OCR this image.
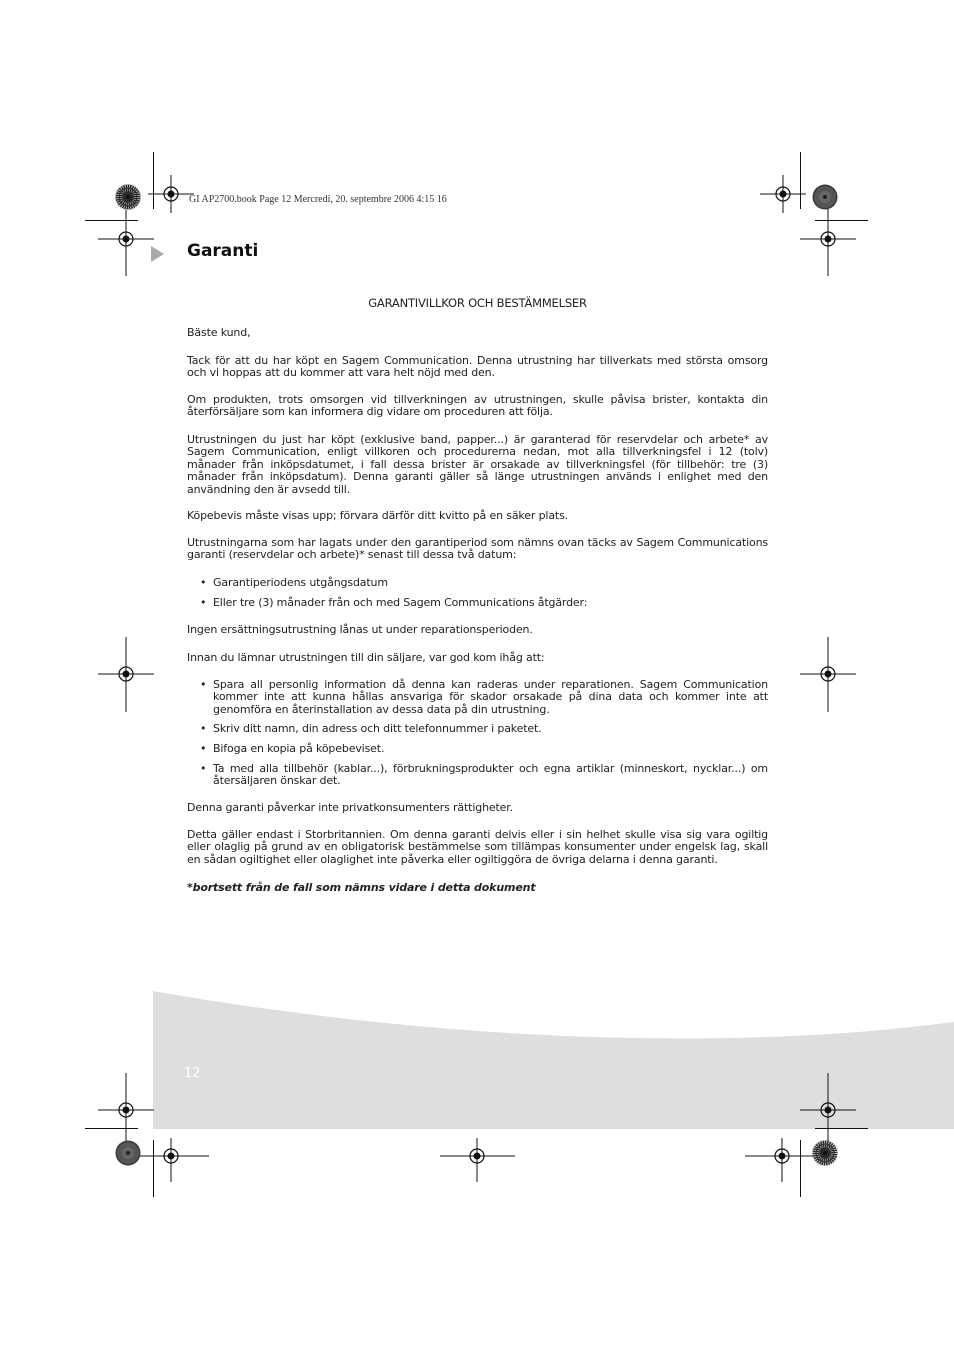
GI AP2700.book Page 12 Mercredi, 20. septembre 2006 4:15 16
Garanti
GARANTIVILLKOR OCH BESTÄMMELSER

Bäste kund,

Tack för att du har köpt en Sagem Communication. Denna utrustning har tillverkats med största omsorg och vi hoppas att du kommer att vara helt nöjd med den.

Om produkten, trots omsorgen vid tillverkningen av utrustningen, skulle påvisa brister, kontakta din återförsäljare som kan informera dig vidare om proceduren att följa.

Utrustningen du just har köpt (exklusive band, papper...) är garanterad för reservdelar och arbete* av Sagem Communication, enligt villkoren och procedurerna nedan, mot alla tillverkningsfel i 12 (tolv) månader från inköpsdatumet, i fall dessa brister är orsakade av tillverkningsfel (för tillbehör: tre (3) månader från inköpsdatum). Denna garanti gäller så länge utrustningen används i enlighet med den användning den är avsedd till.

Köpebevis måste visas upp; förvara därför ditt kvitto på en säker plats.

Utrustningarna som har lagats under den garantiperiod som nämns ovan täcks av Sagem Communications garanti (reservdelar och arbete)* senast till dessa två datum:

• Garantiperiodens utgångsdatum
• Eller tre (3) månader från och med Sagem Communications åtgärder:

Ingen ersättningsutrustning lånas ut under reparationsperioden.

Innan du lämnar utrustningen till din säljare, var god kom ihåg att:

• Spara all personlig information då denna kan raderas under reparationen. Sagem Communication kommer inte att kunna hållas ansvariga för skador orsakade på dina data och kommer inte att genomföra en återinstallation av dessa data på din utrustning.
• Skriv ditt namn, din adress och ditt telefonnummer i paketet.
• Bifoga en kopia på köpebeviset.
• Ta med alla tillbehör (kablar...), förbrukningsprodukter och egna artiklar (minneskort, nycklar...) om återsäljaren önskar det.

Denna garanti påverkar inte privatkonsumenters rättigheter.

Detta gäller endast i Storbritannien. Om denna garanti delvis eller i sin helhet skulle visa sig vara ogiltig eller olaglig på grund av en obligatorisk bestämmelse som tillämpas konsumenter under engelsk lag, skall en sådan ogiltighet eller olaglighet inte påverka eller ogiltiggöra de övriga delarna i denna garanti.

*bortsett från de fall som nämns vidare i detta dokument

12
